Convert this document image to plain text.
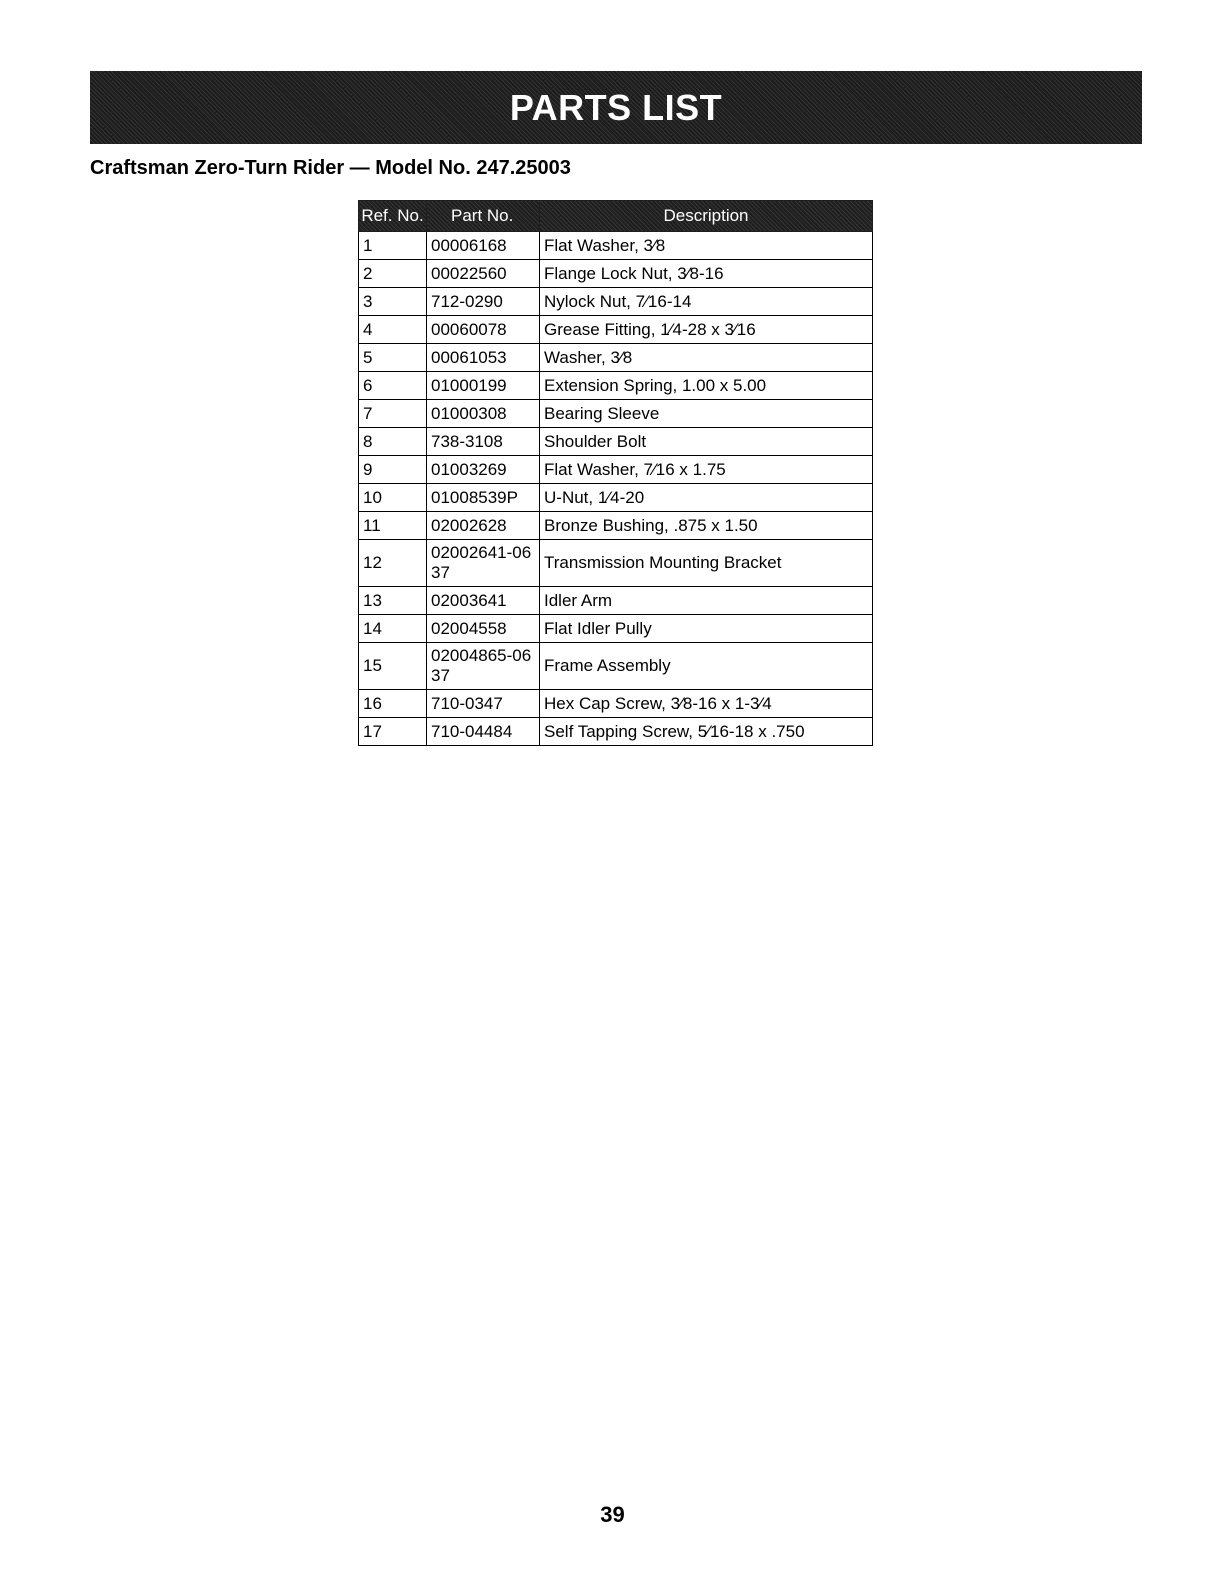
PARTS LIST
Craftsman Zero-Turn Rider — Model No. 247.25003
Ref. No.	Part No.	Description
1	00006168	Flat Washer, 3⁄8
2	00022560	Flange Lock Nut, 3⁄8-16
3	712-0290	Nylock Nut, 7⁄16-14
4	00060078	Grease Fitting, 1⁄4-28 x 3⁄16
5	00061053	Washer, 3⁄8
6	01000199	Extension Spring, 1.00 x 5.00
7	01000308	Bearing Sleeve
8	738-3108	Shoulder Bolt
9	01003269	Flat Washer, 7⁄16 x 1.75
10	01008539P	U-Nut, 1⁄4-20
11	02002628	Bronze Bushing, .875 x 1.50
12	02002641-0637	Transmission Mounting Bracket
13	02003641	Idler Arm
14	02004558	Flat Idler Pully
15	02004865-0637	Frame Assembly
16	710-0347	Hex Cap Screw, 3⁄8-16 x 1-3⁄4
17	710-04484	Self Tapping Screw, 5⁄16-18 x .750
39
